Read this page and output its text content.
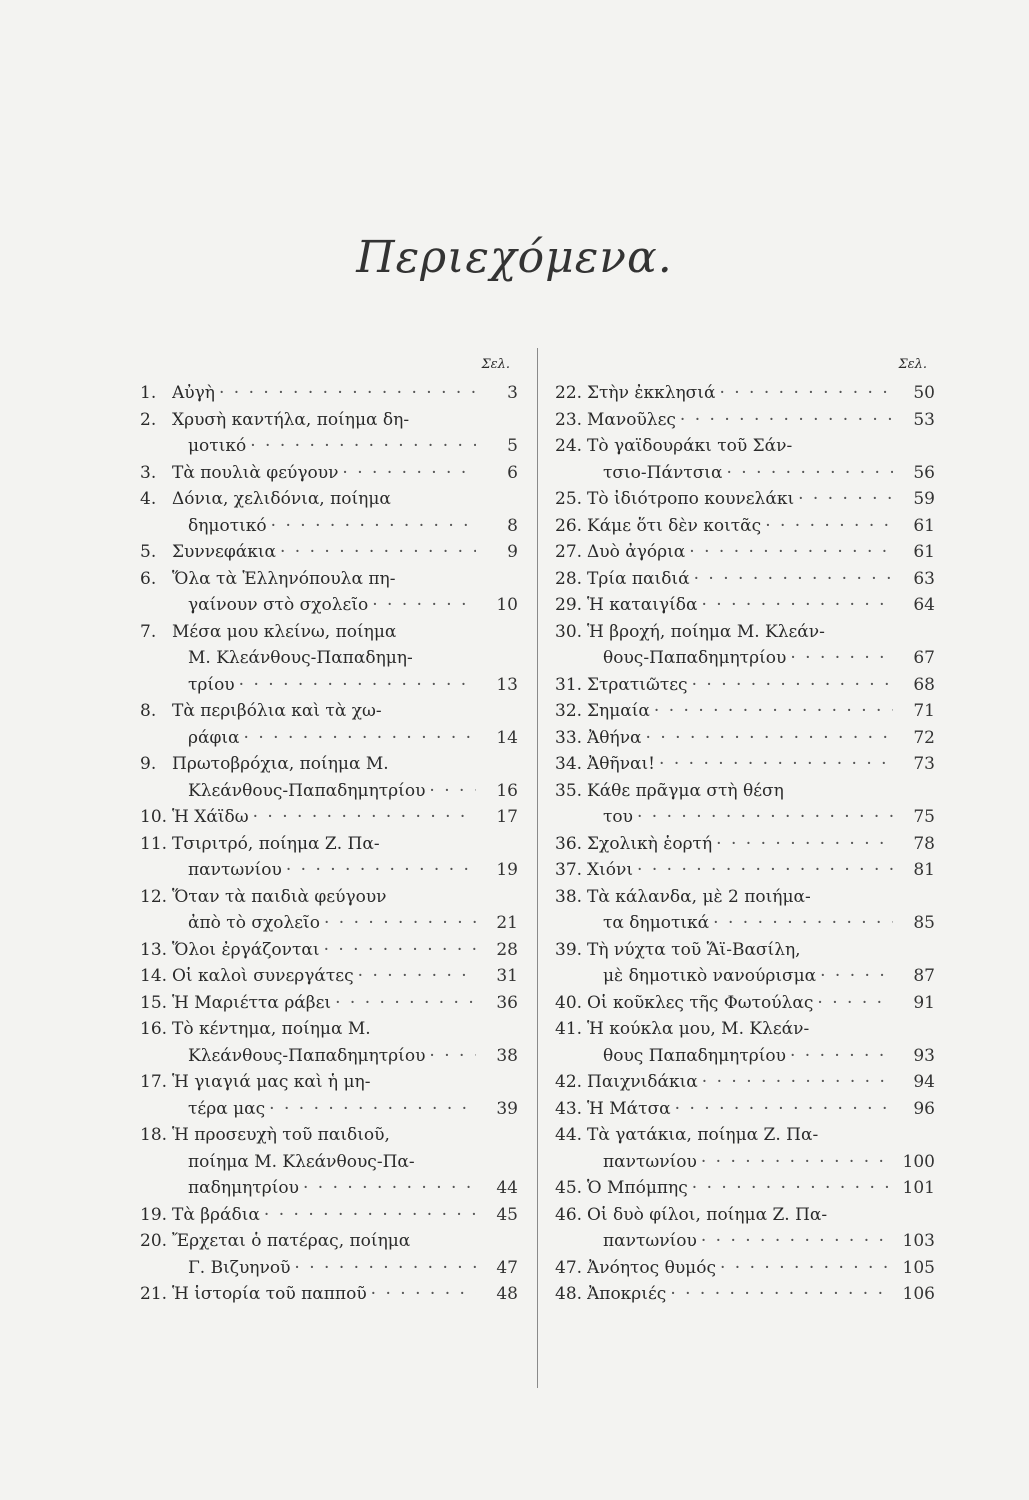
Περιεχόμενα.
Σελ.
1. Αὐγὴ · · ·	3
2. Χρυσὴ καντήλα, ποίημα δη-
μοτικό · · ·	5
3. Τὰ πουλιὰ φεύγουν · · ·	6
4. Δόνια, χελιδόνια, ποίημα
δημοτικό · · ·	8
5. Συννεφάκια · · ·	9
6. Ὅλα τὰ Ἑλληνόπουλα πη-
γαίνουν στὸ σχολεῖο · · ·	10
7. Μέσα μου κλείνω, ποίημα
Μ. Κλεάνθους-Παπαδημη-
τρίου · · ·	13
8. Τὰ περιβόλια καὶ τὰ χω-
ράφια · · ·	14
9. Πρωτοβρόχια, ποίημα Μ.
Κλεάνθους-Παπαδημητρίου · · ·	16
10. Ἡ Χάϊδω · · ·	17
11. Τσιριτρό, ποίημα Ζ. Πα-
παντωνίου · · ·	19
12. Ὅταν τὰ παιδιὰ φεύγουν
ἀπὸ τὸ σχολεῖο · · ·	21
13. Ὅλοι ἐργάζονται · · ·	28
14. Οἱ καλοὶ συνεργάτες · · ·	31
15. Ἡ Μαριέττα ράβει · · ·	36
16. Τὸ κέντημα, ποίημα Μ.
Κλεάνθους-Παπαδημητρίου · · ·	38
17. Ἡ γιαγιά μας καὶ ἡ μη-
τέρα μας · · ·	39
18. Ἡ προσευχὴ τοῦ παιδιοῦ,
ποίημα Μ. Κλεάνθους-Πα-
παδημητρίου · · ·	44
19. Τὰ βράδια · · ·	45
20. Ἔρχεται ὁ πατέρας, ποίημα
Γ. Βιζυηνοῦ · · ·	47
21. Ἡ ἱστορία τοῦ παπποῦ · · ·	48
Σελ.
22. Στὴν ἐκκλησιά · · ·	50
23. Μανοῦλες · · ·	53
24. Τὸ γαϊδουράκι τοῦ Σάν-
τσιο-Πάντσια · · ·	56
25. Τὸ ἰδιότροπο κουνελάκι · · ·	59
26. Κάμε ὅτι δὲν κοιτᾶς · · ·	61
27. Δυὸ ἀγόρια · · ·	61
28. Τρία παιδιά · · ·	63
29. Ἡ καταιγίδα · · ·	64
30. Ἡ βροχή, ποίημα Μ. Κλεάν-
θους-Παπαδημητρίου · · ·	67
31. Στρατιῶτες · · ·	68
32. Σημαία · · ·	71
33. Ἀθήνα · · ·	72
34. Ἀθῆναι! · · ·	73
35. Κάθε πρᾶγμα στὴ θέση
του · · ·	75
36. Σχολικὴ ἑορτή · · ·	78
37. Χιόνι · · ·	81
38. Τὰ κάλανδα, μὲ 2 ποιήμα-
τα δημοτικά · · ·	85
39. Τὴ νύχτα τοῦ Ἅϊ-Βασίλη,
μὲ δημοτικὸ νανούρισμα · · ·	87
40. Οἱ κοῦκλες τῆς Φωτούλας · · ·	91
41. Ἡ κούκλα μου, Μ. Κλεάν-
θους Παπαδημητρίου · · ·	93
42. Παιχνιδάκια · · ·	94
43. Ἡ Μάτσα · · ·	96
44. Τὰ γατάκια, ποίημα Ζ. Πα-
παντωνίου · · ·	100
45. Ὁ Μπόμπης · · ·	101
46. Οἱ δυὸ φίλοι, ποίημα Ζ. Πα-
παντωνίου · · ·	103
47. Ἀνόητος θυμός · · ·	105
48. Ἀποκριές · · ·	106
